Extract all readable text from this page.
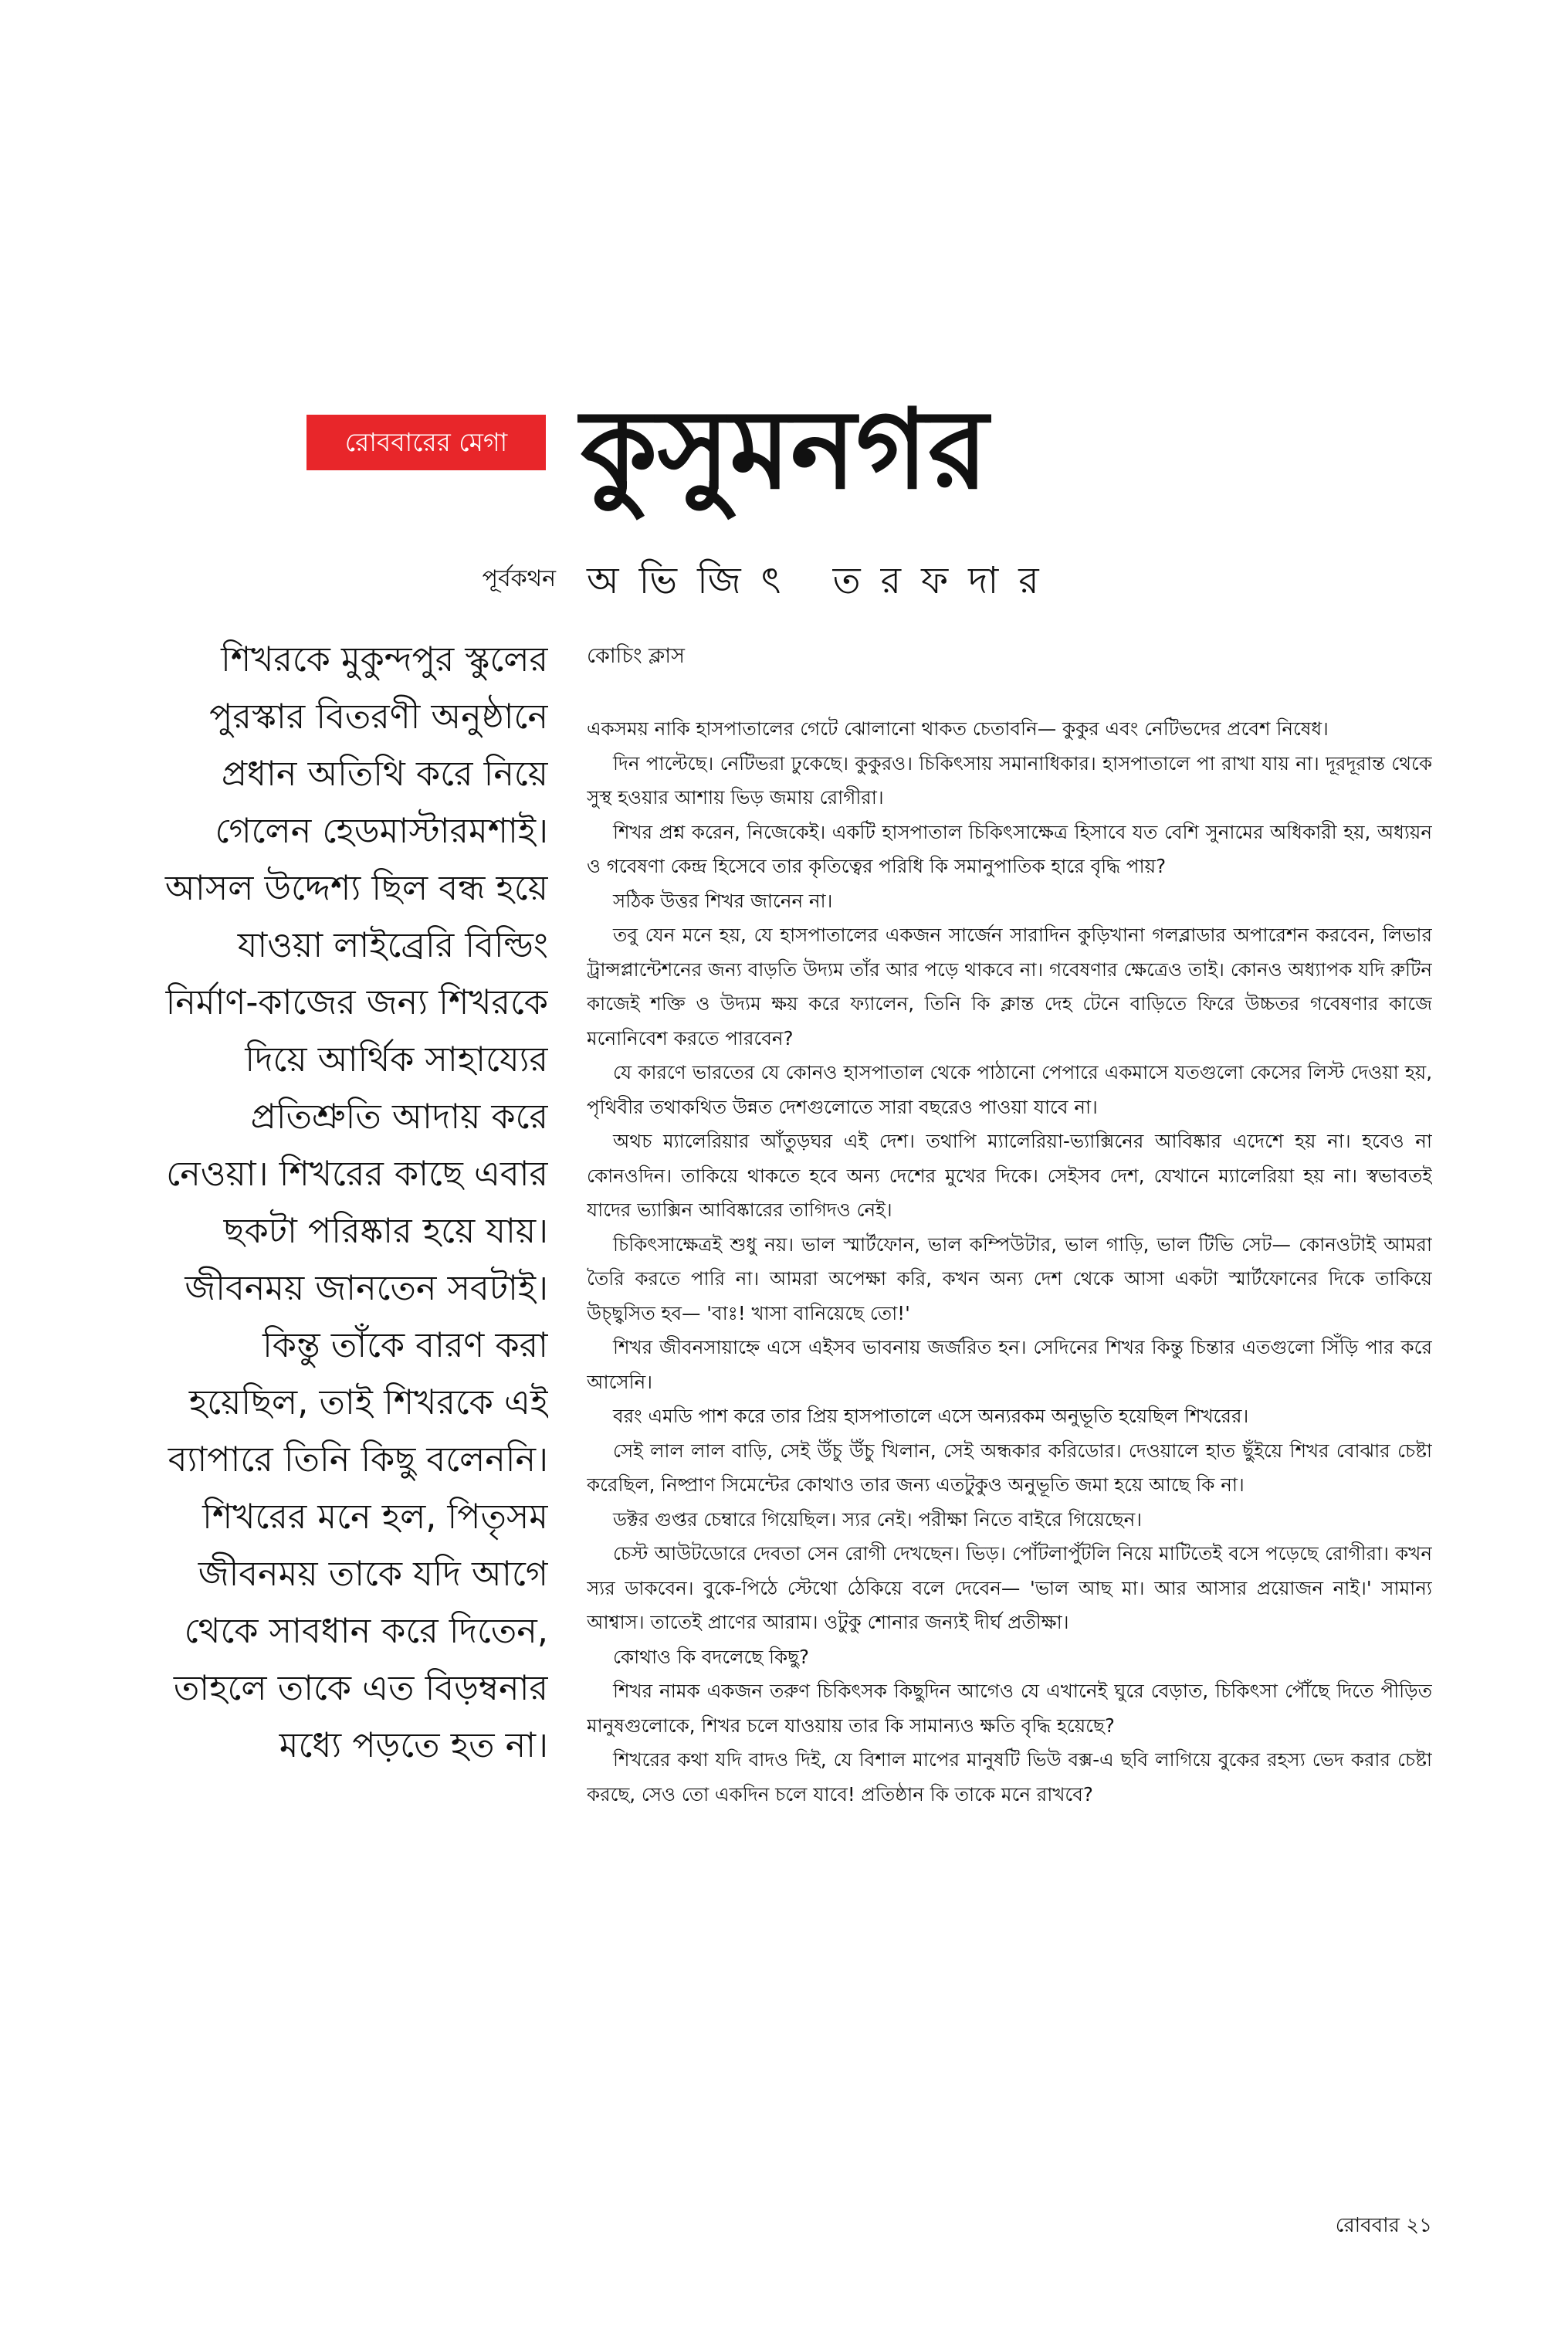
রোববারের মেগা কুসুমনগর
পূর্বকথন অভিজিৎ তরফদার

শিখরকে মুকুন্দপুর স্কুলের পুরস্কার বিতরণী অনুষ্ঠানে প্রধান অতিথি করে নিয়ে গেলেন হেডমাস্টারমশাই। আসল উদ্দেশ্য ছিল বন্ধ হয়ে যাওয়া লাইব্রেরি বিল্ডিং নির্মাণ-কাজের জন্য শিখরকে দিয়ে আর্থিক সাহায্যের প্রতিশ্রুতি আদায় করে নেওয়া। শিখরের কাছে এবার ছকটা পরিষ্কার হয়ে যায়। জীবনময় জানতেন সবটাই। কিন্তু তাঁকে বারণ করা হয়েছিল, তাই শিখরকে এই ব্যাপারে তিনি কিছু বলেননি। শিখরের মনে হল, পিতৃসম জীবনময় তাকে যদি আগে থেকে সাবধান করে দিতেন, তাহলে তাকে এত বিড়ম্বনার মধ্যে পড়তে হত না।

কোচিং ক্লাস

একসময় নাকি হাসপাতালের গেটে ঝোলানো থাকত চেতাবনি— কুকুর এবং নেটিভদের প্রবেশ নিষেধ।

দিন পাল্টেছে। নেটিভরা ঢুকেছে। কুকুরও। চিকিৎসায় সমানাধিকার। হাসপাতালে পা রাখা যায় না। দূরদূরান্ত থেকে সুস্থ হওয়ার আশায় ভিড় জমায় রোগীরা।

শিখর প্রশ্ন করেন, নিজেকেই। একটি হাসপাতাল চিকিৎসাক্ষেত্র হিসাবে যত বেশি সুনামের অধিকারী হয়, অধ্যয়ন ও গবেষণা কেন্দ্র হিসেবে তার কৃতিত্বের পরিধি কি সমানুপাতিক হারে বৃদ্ধি পায়?

সঠিক উত্তর শিখর জানেন না।

তবু যেন মনে হয়, যে হাসপাতালের একজন সার্জেন সারাদিন কুড়িখানা গলব্লাডার অপারেশন করবেন, লিভার ট্রান্সপ্লান্টেশনের জন্য বাড়তি উদ্যম তাঁর আর পড়ে থাকবে না। গবেষণার ক্ষেত্রেও তাই। কোনও অধ্যাপক যদি রুটিন কাজেই শক্তি ও উদ্যম ক্ষয় করে ফ্যালেন, তিনি কি ক্লান্ত দেহ টেনে বাড়িতে ফিরে উচ্চতর গবেষণার কাজে মনোনিবেশ করতে পারবেন?

যে কারণে ভারতের যে কোনও হাসপাতাল থেকে পাঠানো পেপারে একমাসে যতগুলো কেসের লিস্ট দেওয়া হয়, পৃথিবীর তথাকথিত উন্নত দেশগুলোতে সারা বছরেও পাওয়া যাবে না।

অথচ ম্যালেরিয়ার আঁতুড়ঘর এই দেশ। তথাপি ম্যালেরিয়া-ভ্যাক্সিনের আবিষ্কার এদেশে হয় না। হবেও না কোনওদিন। তাকিয়ে থাকতে হবে অন্য দেশের মুখের দিকে। সেইসব দেশ, যেখানে ম্যালেরিয়া হয় না। স্বভাবতই যাদের ভ্যাক্সিন আবিষ্কারের তাগিদও নেই।

চিকিৎসাক্ষেত্রই শুধু নয়। ভাল স্মার্টফোন, ভাল কম্পিউটার, ভাল গাড়ি, ভাল টিভি সেট— কোনওটাই আমরা তৈরি করতে পারি না। আমরা অপেক্ষা করি, কখন অন্য দেশ থেকে আসা একটা স্মার্টফোনের দিকে তাকিয়ে উচ্ছ্বসিত হব— 'বাঃ! খাসা বানিয়েছে তো!'

শিখর জীবনসায়াহ্নে এসে এইসব ভাবনায় জর্জরিত হন। সেদিনের শিখর কিন্তু চিন্তার এতগুলো সিঁড়ি পার করে আসেনি।

বরং এমডি পাশ করে তার প্রিয় হাসপাতালে এসে অন্যরকম অনুভূতি হয়েছিল শিখরের।

সেই লাল লাল বাড়ি, সেই উঁচু উঁচু খিলান, সেই অন্ধকার করিডোর। দেওয়ালে হাত ছুঁইয়ে শিখর বোঝার চেষ্টা করেছিল, নিষ্প্রাণ সিমেন্টের কোথাও তার জন্য এতটুকুও অনুভূতি জমা হয়ে আছে কি না।

ডক্টর গুপ্তর চেম্বারে গিয়েছিল। স্যর নেই। পরীক্ষা নিতে বাইরে গিয়েছেন।

চেস্ট আউটডোরে দেবতা সেন রোগী দেখছেন। ভিড়। পোঁটলাপুঁটলি নিয়ে মাটিতেই বসে পড়েছে রোগীরা। কখন স্যর ডাকবেন। বুকে-পিঠে স্টেথো ঠেকিয়ে বলে দেবেন— 'ভাল আছ মা। আর আসার প্রয়োজন নাই।' সামান্য আশ্বাস। তাতেই প্রাণের আরাম। ওটুকু শোনার জন্যই দীর্ঘ প্রতীক্ষা।

কোথাও কি বদলেছে কিছু?

শিখর নামক একজন তরুণ চিকিৎসক কিছুদিন আগেও যে এখানেই ঘুরে বেড়াত, চিকিৎসা পৌঁছে দিতে পীড়িত মানুষগুলোকে, শিখর চলে যাওয়ায় তার কি সামান্যও ক্ষতি বৃদ্ধি হয়েছে?

শিখরের কথা যদি বাদও দিই, যে বিশাল মাপের মানুষটি ভিউ বক্স-এ ছবি লাগিয়ে বুকের রহস্য ভেদ করার চেষ্টা করছে, সেও তো একদিন চলে যাবে! প্রতিষ্ঠান কি তাকে মনে রাখবে?

রোববার ২১
